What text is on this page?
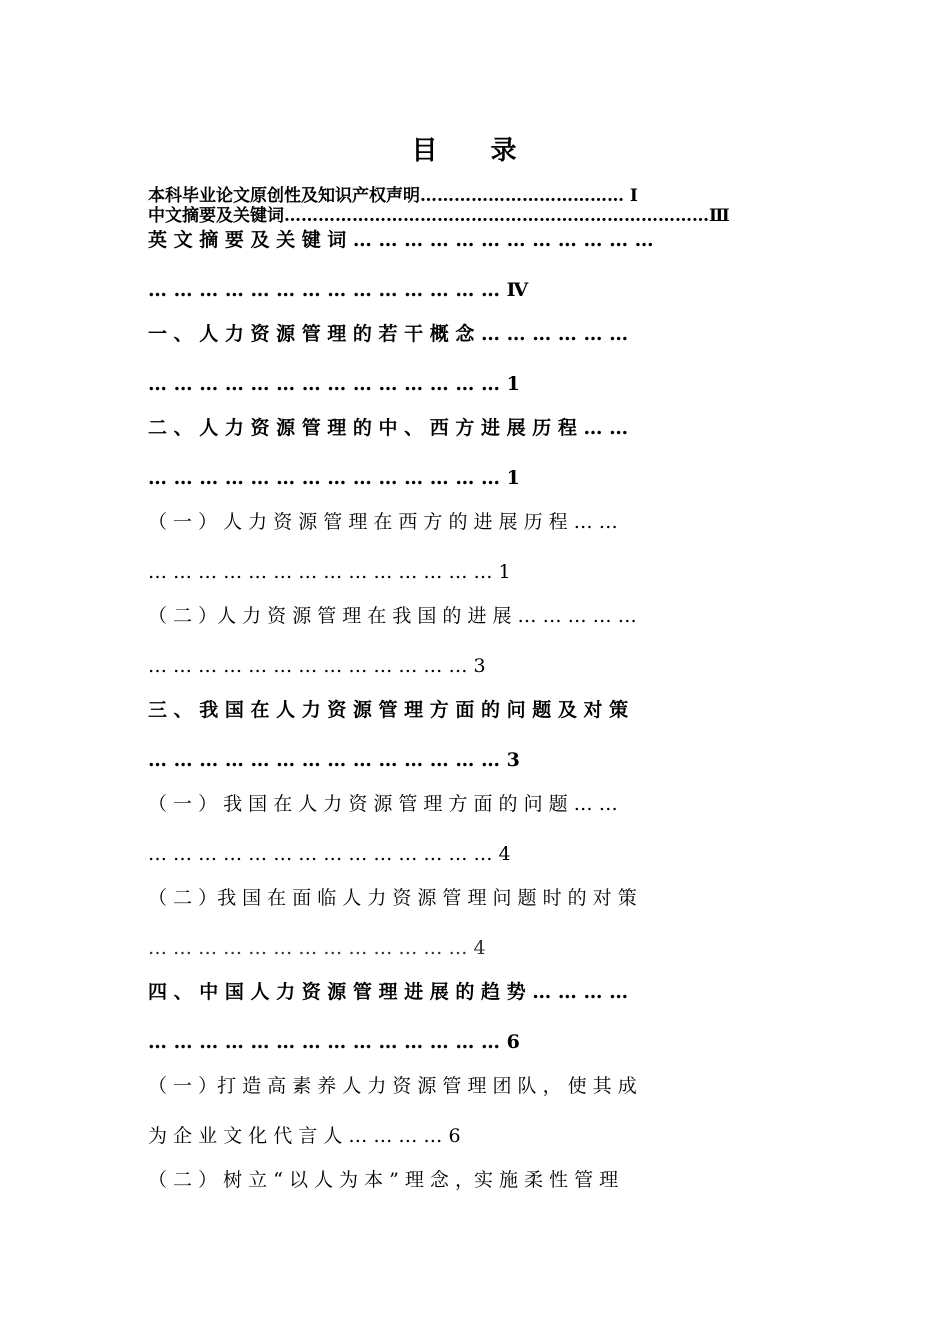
目 录
本科毕业论文原创性及知识产权声明……………………………… I
中文摘要及关键词…………………………………………………………………Ⅲ
英 文 摘 要 及 关 键 词 … … … … … … … … … … … …
… … … … … … … … … … … … … … Ⅳ
一 、 人 力 资 源 管 理 的 若 干 概 念 … … … … … …
… … … … … … … … … … … … … … 1
二 、 人 力 资 源 管 理 的 中 、 西 方 进 展 历 程 … …
… … … … … … … … … … … … … … 1
（ 一 ） 人 力 资 源 管 理 在 西 方 的 进 展 历 程 … …
… … … … … … … … … … … … … … 1
（ 二 ）人 力 资 源 管 理 在 我 国 的 进 展 … … … … …
… … … … … … … … … … … … … 3
三 、 我 国 在 人 力 资 源 管 理 方 面 的 问 题 及 对 策
… … … … … … … … … … … … … … 3
（ 一 ） 我 国 在 人 力 资 源 管 理 方 面 的 问 题 … …
… … … … … … … … … … … … … … 4
（ 二 ）我 国 在 面 临 人 力 资 源 管 理 问 题 时 的 对 策
… … … … … … … … … … … … … 4
四 、 中 国 人 力 资 源 管 理 进 展 的 趋 势 … … … …
… … … … … … … … … … … … … … 6
（ 一 ）打 造 高 素 养 人 力 资 源 管 理 团 队 ， 使 其 成
为 企 业 文 化 代 言 人 … … … … 6
（ 二 ） 树 立 “ 以 人 为 本 ” 理 念 ，实 施 柔 性 管 理
